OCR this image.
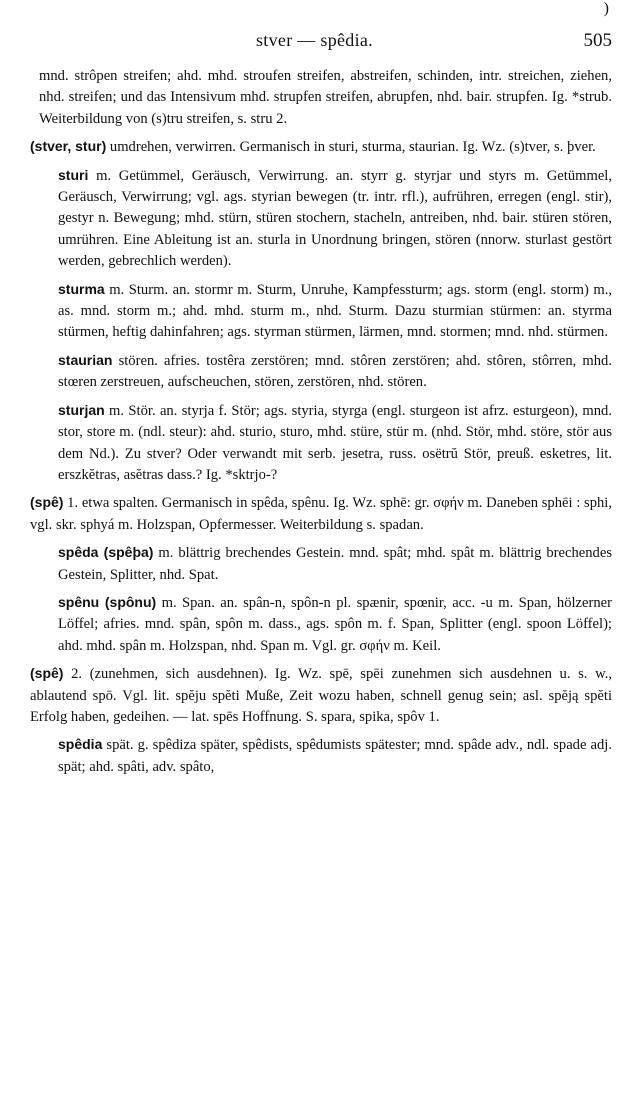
)
stver — spêdia.	505

mnd. strôpen streifen; ahd. mhd. stroufen streifen, abstreifen, schinden, intr. streichen, ziehen, nhd. streifen; und das Intensivum mhd. strupfen streifen, abrupfen, nhd. bair. strupfen. Ig. *strub. Weiterbildung von (s)tru streifen, s. stru 2.

(stver, stur) umdrehen, verwirren. Germanisch in sturi, sturma, staurian. Ig. Wz. (s)tver, s. þver.

sturi m. Getümmel, Geräusch, Verwirrung. an. styrr g. styrjar und styrs m. Getümmel, Geräusch, Verwirrung; vgl. ags. styrian bewegen (tr. intr. rfl.), aufrühren, erregen (engl. stir), gestyr n. Bewegung; mhd. stürn, stüren stochern, stacheln, antreiben, nhd. bair. stüren stören, umrühren. Eine Ableitung ist an. sturla in Unordnung bringen, stören (nnorw. sturlast gestört werden, gebrechlich werden).

sturma m. Sturm. an. stormr m. Sturm, Unruhe, Kampfessturm; ags. storm (engl. storm) m., as. mnd. storm m.; ahd. mhd. sturm m., nhd. Sturm. Dazu sturmian stürmen: an. styrma stürmen, heftig dahinfahren; ags. styrman stürmen, lärmen, mnd. stormen; mnd. nhd. stürmen.

staurian stören. afries. tostêra zerstören; mnd. stôren zerstören; ahd. stôren, stôrren, mhd. stœren zerstreuen, aufscheuchen, stören, zerstören, nhd. stören.

sturjan m. Stör. an. styrja f. Stör; ags. styria, styrga (engl. sturgeon ist afrz. esturgeon), mnd. stor, store m. (ndl. steur): ahd. sturio, sturo, mhd. stüre, stür m. (nhd. Stör, mhd. störe, stör aus dem Nd.). Zu stver? Oder verwandt mit serb. jesetra, russ. osëtrŭ Stör, preuß. esketres, lit. erszkĕtras, asĕtras dass.? Ig. *sktrjo-?

(spê) 1. etwa spalten. Germanisch in spêda, spênu. Ig. Wz. sphē: gr. σφήν m. Daneben sphēi : sphi, vgl. skr. sphyá m. Holzspan, Opfermesser. Weiterbildung s. spadan.

spêda (spêþa) m. blättrig brechendes Gestein. mnd. spât; mhd. spât m. blättrig brechendes Gestein, Splitter, nhd. Spat.

spênu (spônu) m. Span. an. spân-n, spôn-n pl. spænir, spœnir, acc. -u m. Span, hölzerner Löffel; afries. mnd. spân, spôn m. dass., ags. spôn m. f. Span, Splitter (engl. spoon Löffel); ahd. mhd. spân m. Holzspan, nhd. Span m. Vgl. gr. σφήν m. Keil.

(spê) 2. (zunehmen, sich ausdehnen). Ig. Wz. spē, spēi zunehmen sich ausdehnen u. s. w., ablautend spō. Vgl. lit. spĕju spĕti Muße, Zeit wozu haben, schnell genug sein; asl. spĕją spĕti Erfolg haben, gedeihen. — lat. spēs Hoffnung. S. spara, spika, spôv 1.

spêdia spät. g. spêdiza später, spêdists, spêdumists spätester; mnd. spâde adv., ndl. spade adj. spät; ahd. spâti, adv. spâto,
